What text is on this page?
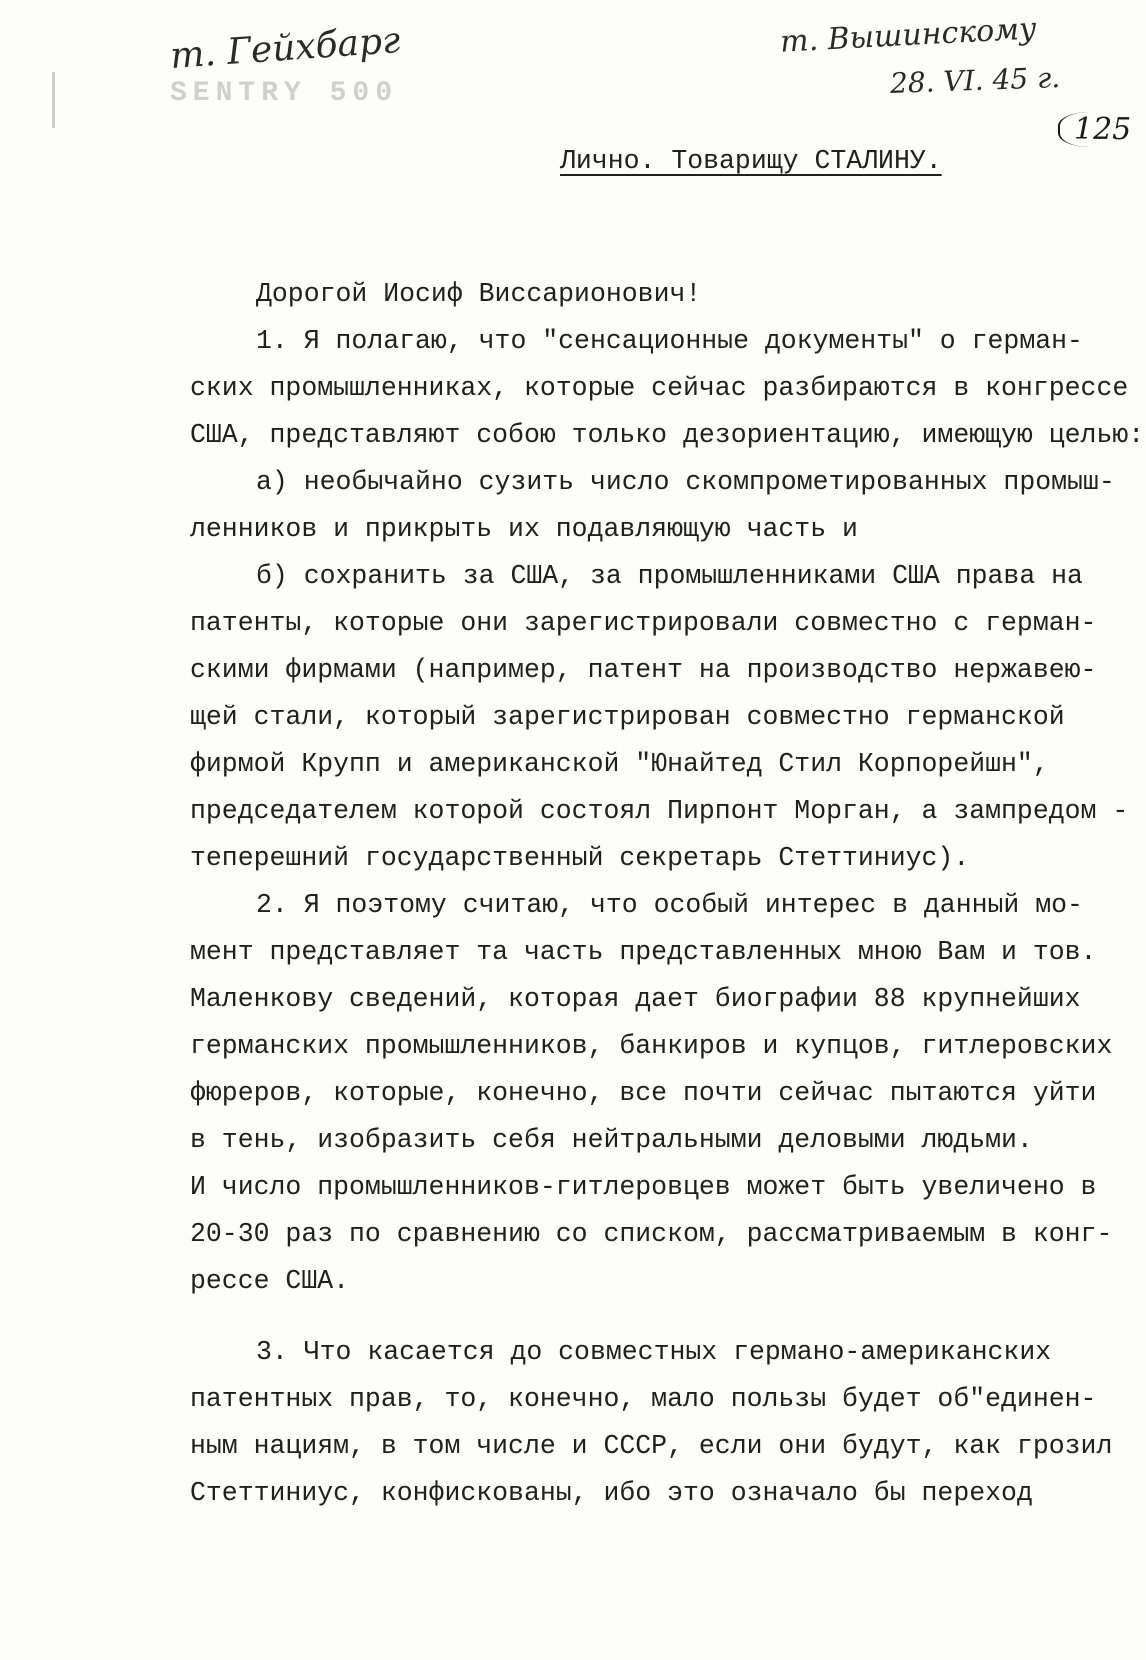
SENTRY 500
т. Гейхбарг	т. Вышинскому
28. VI. 45 г.
125
Лично. Товарищу СТАЛИНУ.
Дорогой Иосиф Виссарионович!
1. Я полагаю, что "сенсационные документы" о герман-
ских промышленниках, которые сейчас разбираются в конгрессе
США, представляют собою только дезориентацию, имеющую целью:
а) необычайно сузить число скомпрометированных промыш-
ленников и прикрыть их подавляющую часть и
б) сохранить за США, за промышленниками США права на
патенты, которые они зарегистрировали совместно с герман-
скими фирмами (например, патент на производство нержавею-
щей стали, который зарегистрирован совместно германской
фирмой Крупп и американской "Юнайтед Стил Корпорейшн",
председателем которой состоял Пирпонт Морган, а зампредом -
теперешний государственный секретарь Стеттиниус).
2. Я поэтому считаю, что особый интерес в данный мо-
мент представляет та часть представленных мною Вам и тов.
Маленкову сведений, которая дает биографии 88 крупнейших
германских промышленников, банкиров и купцов, гитлеровских
фюреров, которые, конечно, все почти сейчас пытаются уйти
в тень, изобразить себя нейтральными деловыми людьми.
И число промышленников-гитлеровцев может быть увеличено в
20-30 раз по сравнению со списком, рассматриваемым в конг-
рессе США.
3. Что касается до совместных германо-американских
патентных прав, то, конечно, мало пользы будет об"единен-
ным нациям, в том числе и СССР, если они будут, как грозил
Стеттиниус, конфискованы, ибо это означало бы переход
